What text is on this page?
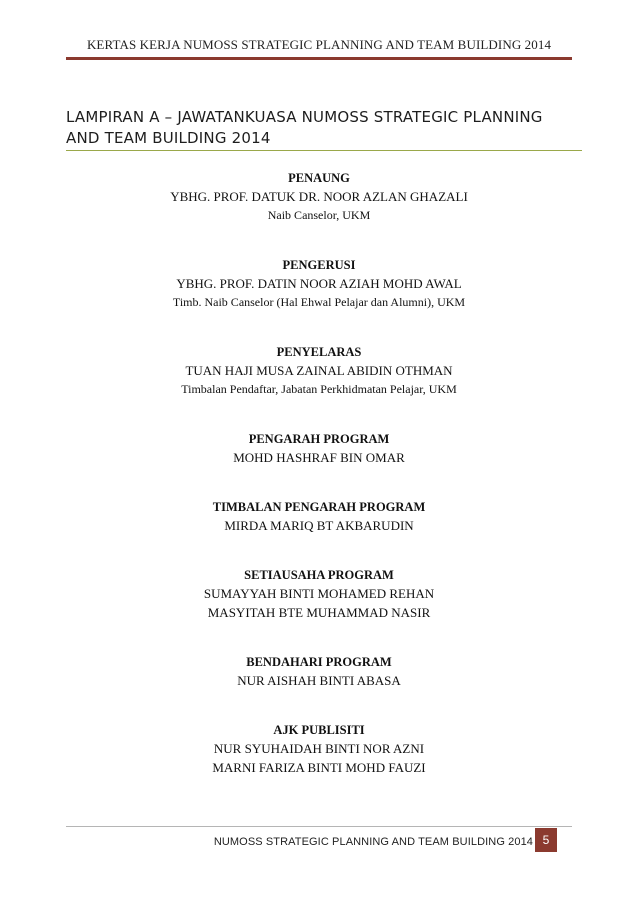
KERTAS KERJA NUMOSS STRATEGIC PLANNING AND TEAM BUILDING 2014
LAMPIRAN A – JAWATANKUASA NUMOSS STRATEGIC PLANNING
AND TEAM BUILDING 2014
PENAUNG
YBHG. PROF. DATUK DR. NOOR AZLAN GHAZALI
Naib Canselor, UKM
PENGERUSI
YBHG. PROF. DATIN NOOR AZIAH MOHD AWAL
Timb. Naib Canselor (Hal Ehwal Pelajar dan Alumni), UKM
PENYELARAS
TUAN HAJI MUSA ZAINAL ABIDIN OTHMAN
Timbalan Pendaftar, Jabatan Perkhidmatan Pelajar, UKM
PENGARAH PROGRAM
MOHD HASHRAF BIN OMAR
TIMBALAN PENGARAH PROGRAM
MIRDA MARIQ BT AKBARUDIN
SETIAUSAHA PROGRAM
SUMAYYAH BINTI MOHAMED REHAN
MASYITAH BTE MUHAMMAD NASIR
BENDAHARI PROGRAM
NUR AISHAH BINTI ABASA
AJK PUBLISITI
NUR SYUHAIDAH BINTI NOR AZNI
MARNI FARIZA BINTI MOHD FAUZI
NUMOSS STRATEGIC PLANNING AND TEAM BUILDING 2014 5
